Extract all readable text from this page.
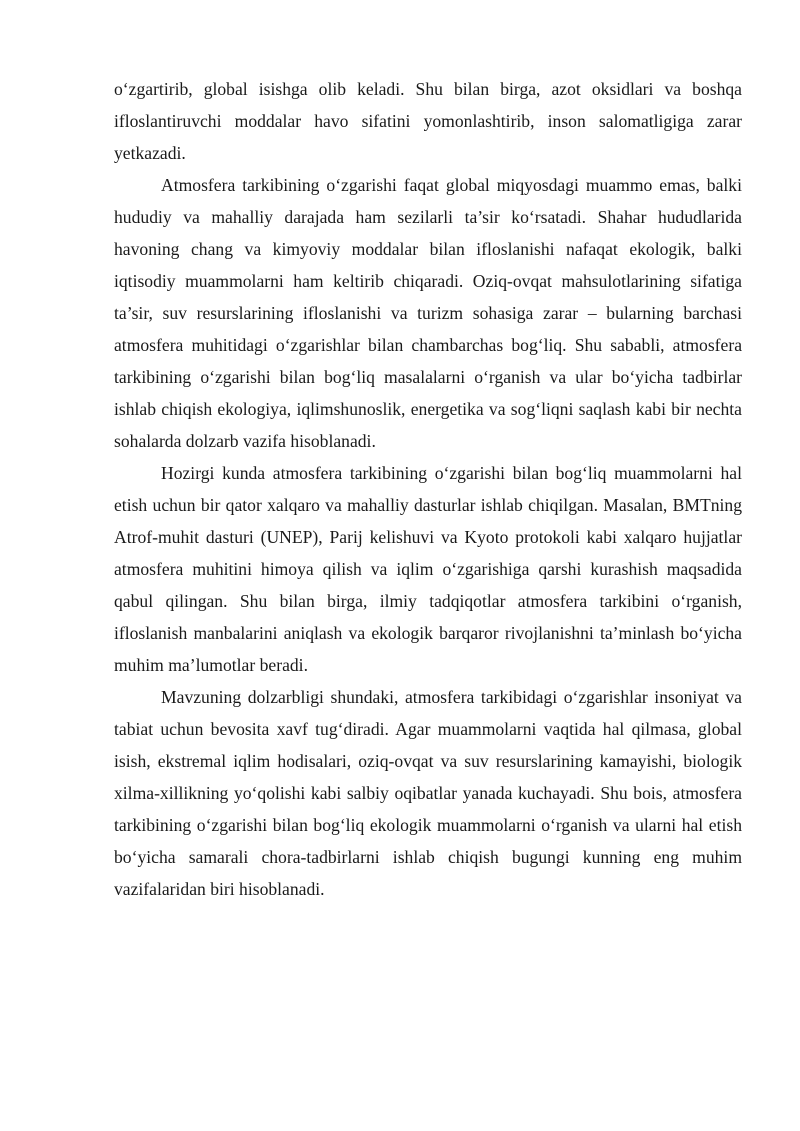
o‘zgartirib, global isishga olib keladi. Shu bilan birga, azot oksidlari va boshqa ifloslantiruvchi moddalar havo sifatini yomonlashtirib, inson salomatligiga zarar yetkazadi.

Atmosfera tarkibining o‘zgarishi faqat global miqyosdagi muammo emas, balki hududiy va mahalliy darajada ham sezilarli ta’sir ko‘rsatadi. Shahar hududlarida havoning chang va kimyoviy moddalar bilan ifloslanishi nafaqat ekologik, balki iqtisodiy muammolarni ham keltirib chiqaradi. Oziq-ovqat mahsulotlarining sifatiga ta’sir, suv resurslarining ifloslanishi va turizm sohasiga zarar – bularning barchasi atmosfera muhitidagi o‘zgarishlar bilan chambarchas bog‘liq. Shu sababli, atmosfera tarkibining o‘zgarishi bilan bog‘liq masalalarni o‘rganish va ular bo‘yicha tadbirlar ishlab chiqish ekologiya, iqlimshunoslik, energetika va sog‘liqni saqlash kabi bir nechta sohalarda dolzarb vazifa hisoblanadi.

Hozirgi kunda atmosfera tarkibining o‘zgarishi bilan bog‘liq muammolarni hal etish uchun bir qator xalqaro va mahalliy dasturlar ishlab chiqilgan. Masalan, BMTning Atrof-muhit dasturi (UNEP), Parij kelishuvi va Kyoto protokoli kabi xalqaro hujjatlar atmosfera muhitini himoya qilish va iqlim o‘zgarishiga qarshi kurashish maqsadida qabul qilingan. Shu bilan birga, ilmiy tadqiqotlar atmosfera tarkibini o‘rganish, ifloslanish manbalarini aniqlash va ekologik barqaror rivojlanishni ta’minlash bo‘yicha muhim ma’lumotlar beradi.

Mavzuning dolzarbligi shundaki, atmosfera tarkibidagi o‘zgarishlar insoniyat va tabiat uchun bevosita xavf tug‘diradi. Agar muammolarni vaqtida hal qilmasa, global isish, ekstremal iqlim hodisalari, oziq-ovqat va suv resurslarining kamayishi, biologik xilma-xillikning yo‘qolishi kabi salbiy oqibatlar yanada kuchayadi. Shu bois, atmosfera tarkibining o‘zgarishi bilan bog‘liq ekologik muammolarni o‘rganish va ularni hal etish bo‘yicha samarali chora-tadbirlarni ishlab chiqish bugungi kunning eng muhim vazifalaridan biri hisoblanadi.
